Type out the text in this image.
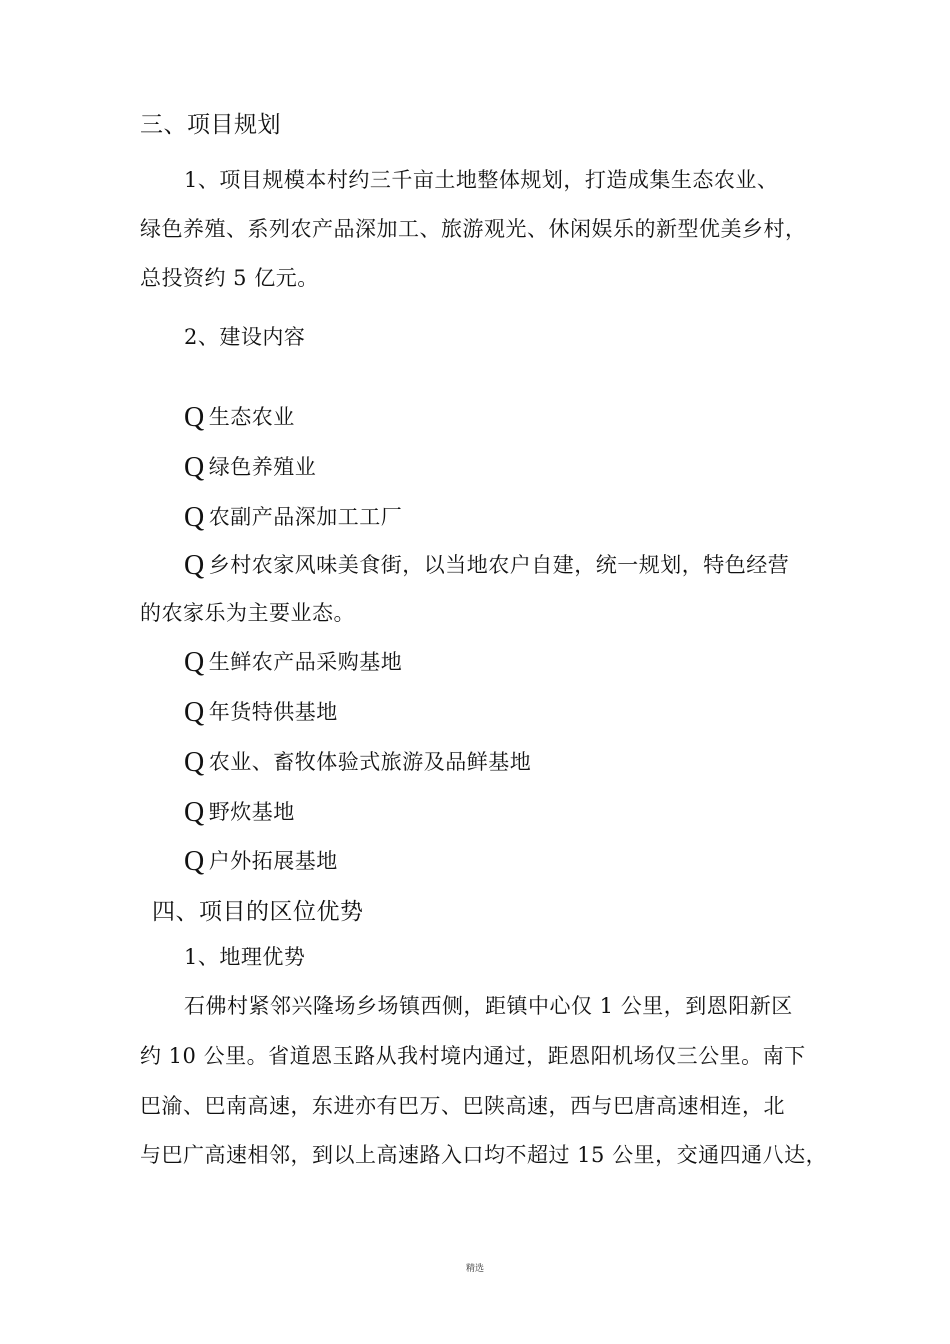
三、项目规划
1、项目规模本村约三千亩土地整体规划，打造成集生态农业、
绿色养殖、系列农产品深加工、旅游观光、休闲娱乐的新型优美乡村，
总投资约 5 亿元。
2、建设内容
Q 生态农业
Q 绿色养殖业
Q 农副产品深加工工厂
Q 乡村农家风味美食街，以当地农户自建，统一规划，特色经营
的农家乐为主要业态。
Q 生鲜农产品采购基地
Q 年货特供基地
Q 农业、畜牧体验式旅游及品鲜基地
Q 野炊基地
Q 户外拓展基地
四、项目的区位优势
1、地理优势
石佛村紧邻兴隆场乡场镇西侧，距镇中心仅 1 公里，到恩阳新区
约 10 公里。省道恩玉路从我村境内通过，距恩阳机场仅三公里。南下
巴渝、巴南高速，东进亦有巴万、巴陕高速，西与巴唐高速相连，北
与巴广高速相邻，到以上高速路入口均不超过 15 公里，交通四通八达，
精选
